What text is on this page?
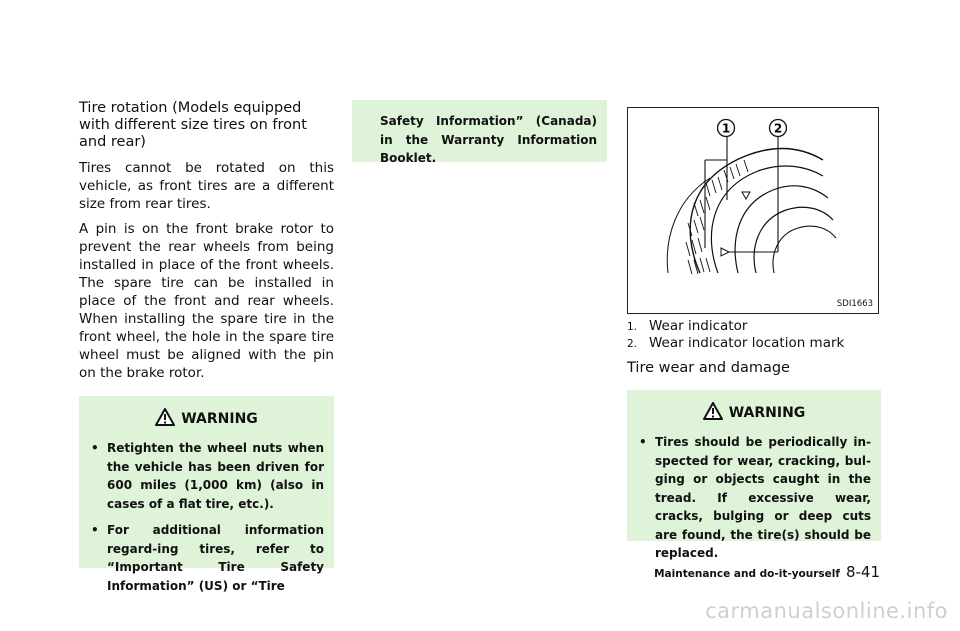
Tire rotation (Models equipped with different size tires on front and rear)

Tires cannot be rotated on this vehicle, as front tires are a different size from rear tires.

A pin is on the front brake rotor to prevent the rear wheels from being installed in place of the front wheels. The spare tire can be installed in place of the front and rear wheels. When installing the spare tire in the front wheel, the hole in the spare tire wheel must be aligned with the pin on the brake rotor.

WARNING
• Retighten the wheel nuts when the vehicle has been driven for 600 miles (1,000 km) (also in cases of a flat tire, etc.).
• For additional information regard-ing tires, refer to “Important Tire Safety Information” (US) or “Tire
Safety Information” (Canada) in the Warranty Information Booklet.
1	2
SDI1663
1. Wear indicator
2. Wear indicator location mark

Tire wear and damage

WARNING
• Tires should be periodically in-spected for wear, cracking, bul-ging or objects caught in the tread. If excessive wear, cracks, bulging or deep cuts are found, the tire(s) should be replaced.
Maintenance and do-it-yourself 8-41
carmanualsonline.info
